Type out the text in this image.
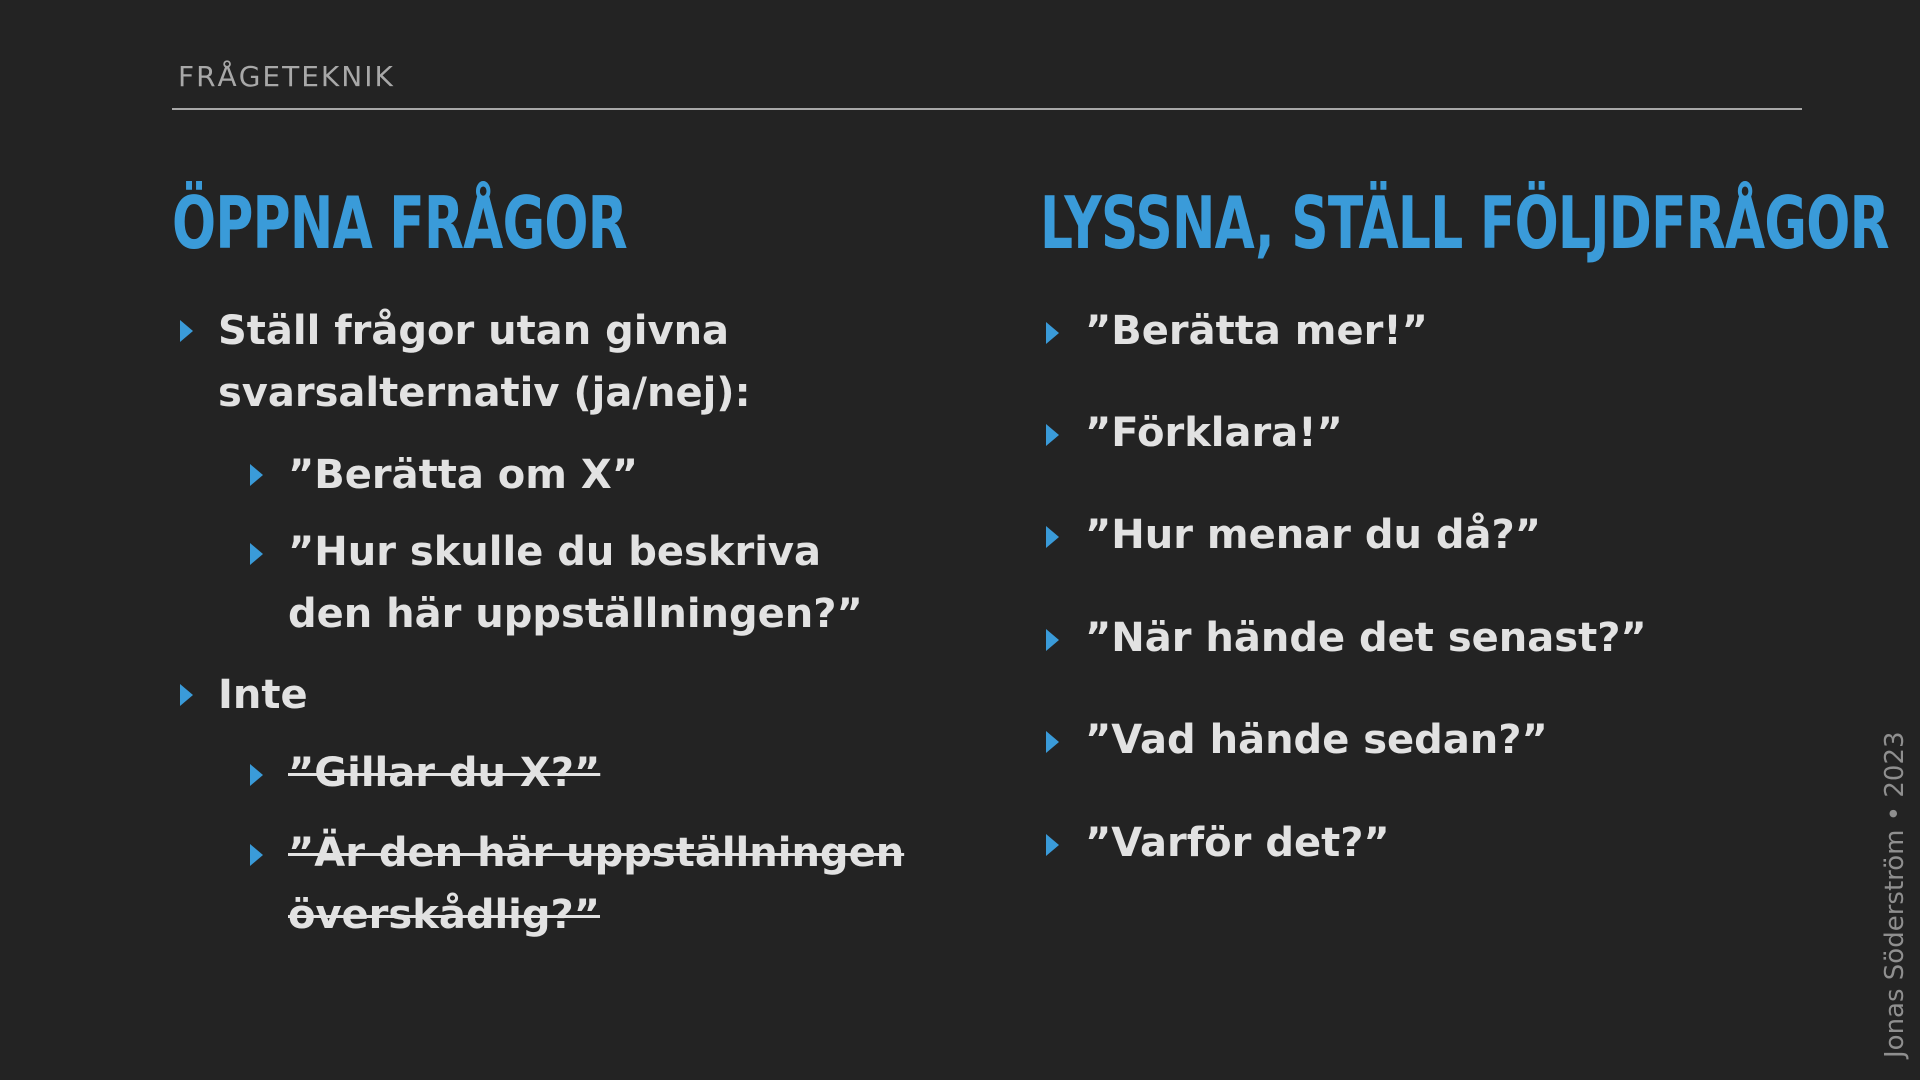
FRÅGETEKNIK
ÖPPNA FRÅGOR
Ställ frågor utan givna
svarsalternativ (ja/nej):
”Berätta om X”
”Hur skulle du beskriva
den här uppställningen?”
Inte
”Gillar du X?”
”Är den här uppställningen
överskådlig?”
LYSSNA, STÄLL FÖLJDFRÅGOR
”Berätta mer!”
”Förklara!”
”Hur menar du då?”
”När hände det senast?”
”Vad hände sedan?”
”Varför det?”	Jonas Söderström • 2023
